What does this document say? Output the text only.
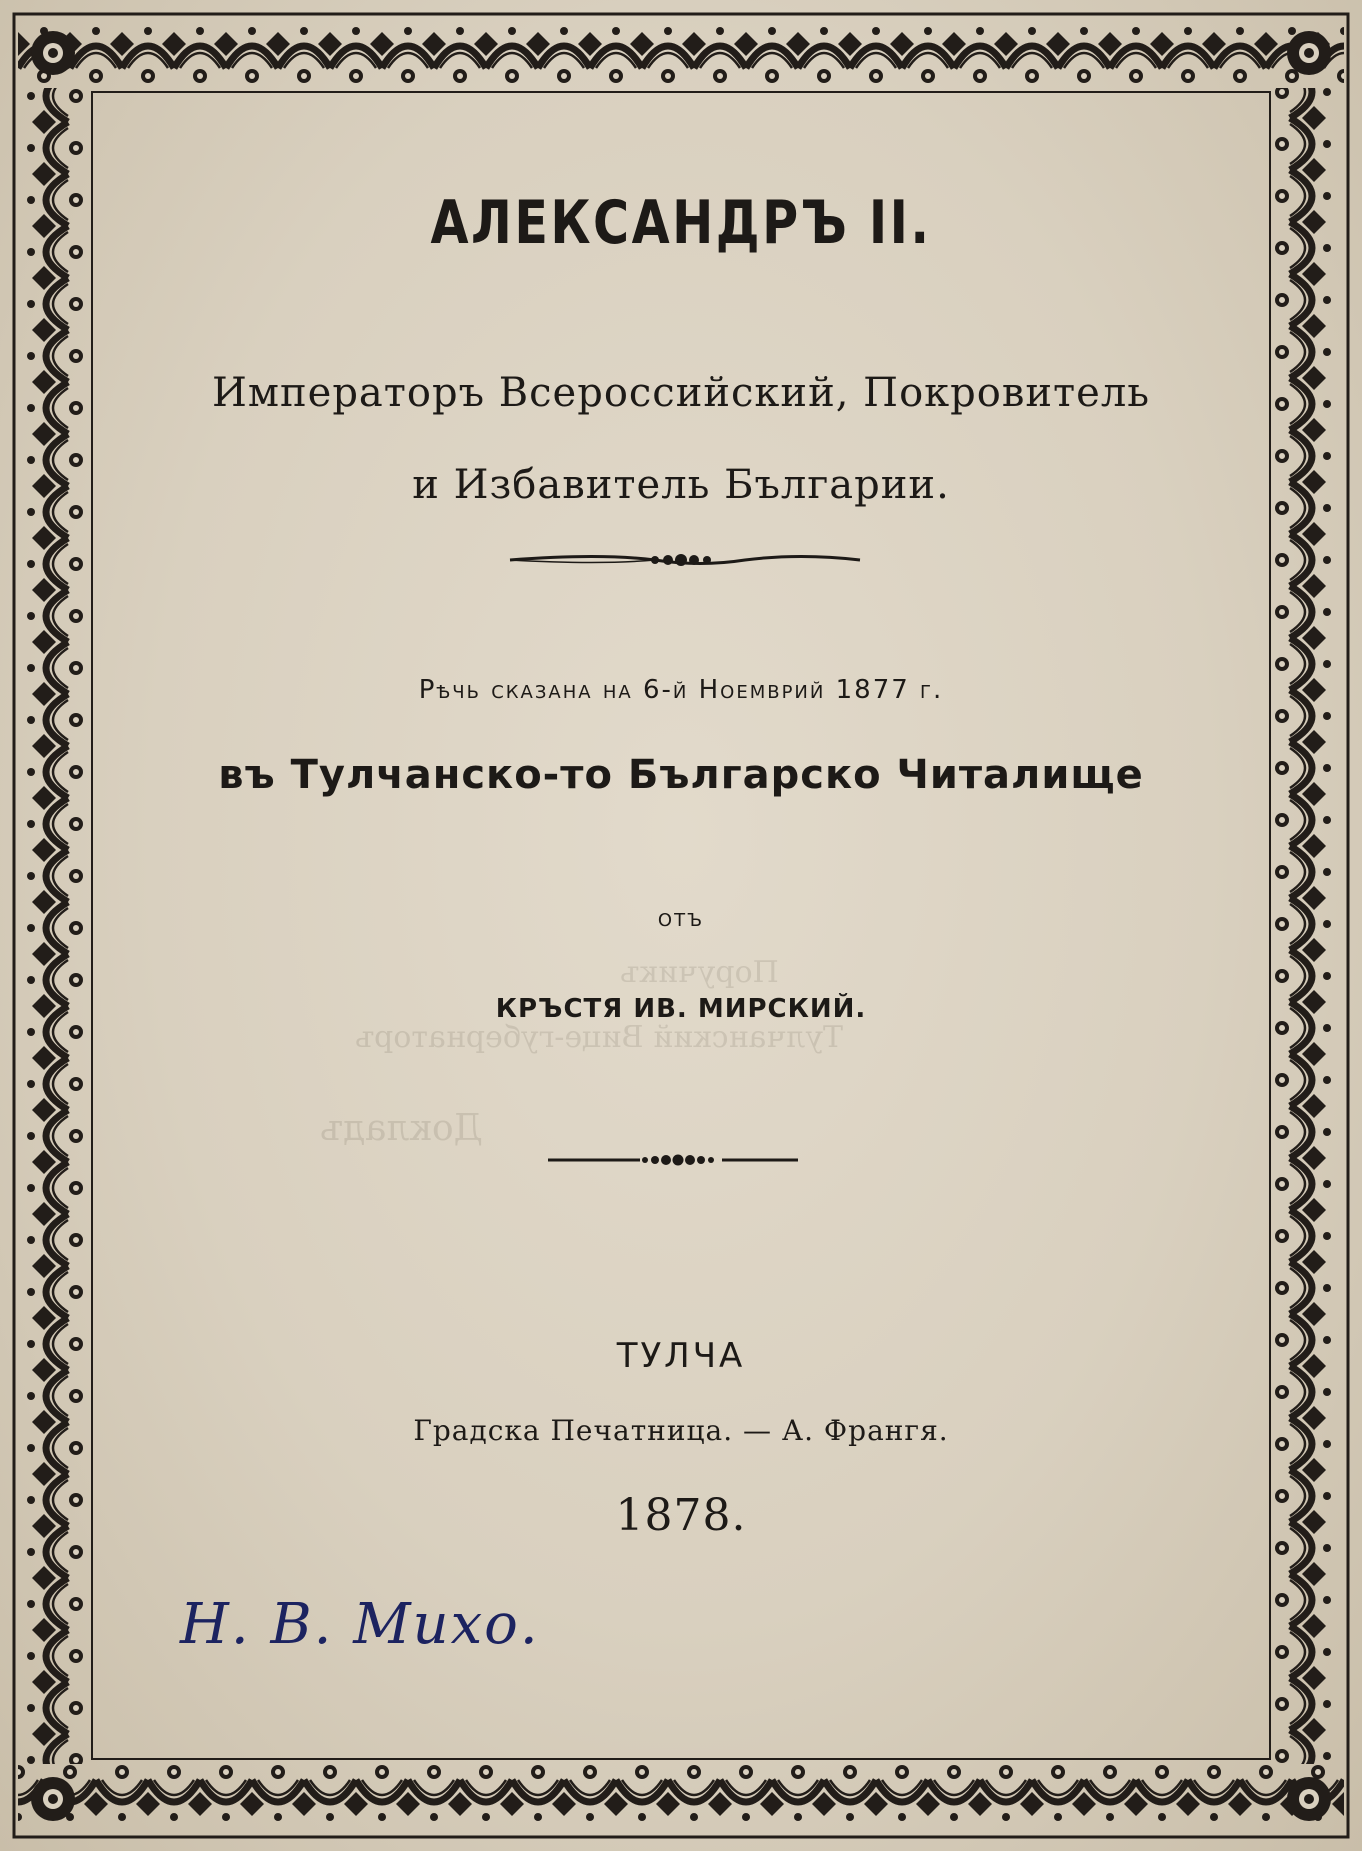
Поручикъ
Тулчанский Вице-губернаторъ
Докладъ
АЛЕКСАНДРЪ II.

Императоръ Всероссийский, Покровитель

и Избавитель Българии.

Рѣчь сказана на 6-й Ноемврий 1877 г.

въ Тулчанско-то Българско Читалище

отъ

КРЪСТЯ ИВ. МИРСКИЙ.

ТУЛЧА

Градска Печатница. — А. Франгя.

1878.

Н. В. Михо.
